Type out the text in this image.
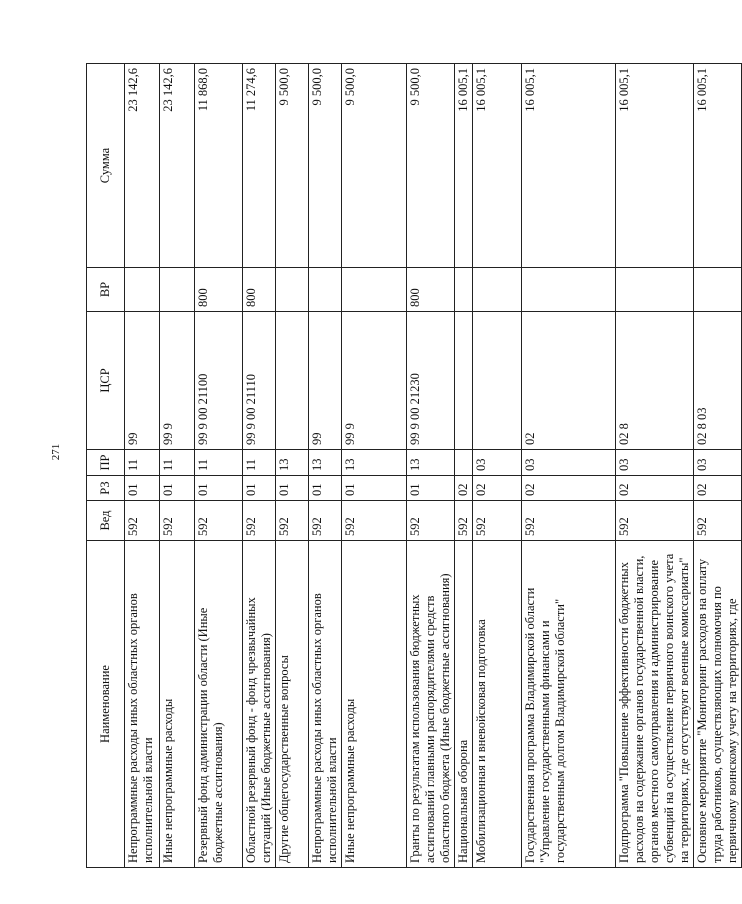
271
Наименование	Вед	РЗ	ПР	ЦСР	ВР	Сумма
Непрограммные расходы иных областных органов исполнительной власти	592	01	11	99		23 142,6
Иные непрограммные расходы	592	01	11	99 9		23 142,6
Резервный фонд администрации области (Иные бюджетные ассигнования)	592	01	11	99 9 00 21100	800	11 868,0
Областной резервный фонд - фонд чрезвычайных ситуаций (Иные бюджетные ассигнования)	592	01	11	99 9 00 21110	800	11 274,6
Другие общегосударственные вопросы	592	01	13			9 500,0
Непрограммные расходы иных областных органов исполнительной власти	592	01	13	99		9 500,0
Иные непрограммные расходы	592	01	13	99 9		9 500,0
Гранты по результатам использования бюджетных ассигнований главными распорядителями средств областного бюджета (Иные бюджетные ассигнования)	592	01	13	99 9 00 21230	800	9 500,0
Национальная оборона	592	02				16 005,1
Мобилизационная и вневойсковая подготовка	592	02	03			16 005,1
Государственная программа Владимирской области "Управление государственными финансами и государственным долгом Владимирской области"	592	02	03	02		16 005,1
Подпрограмма "Повышение эффективности бюджетных расходов на содержание органов государственной власти, органов местного самоуправления и администрирование субвенций на осуществление первичного воинского учета на территориях, где отсутствуют военные комиссариаты"	592	02	03	02 8		16 005,1
Основное мероприятие "Мониторинг расходов на оплату труда работников, осуществляющих полномочия по первичному воинскому учету на территориях, где	592	02	03	02 8 03		16 005,1
